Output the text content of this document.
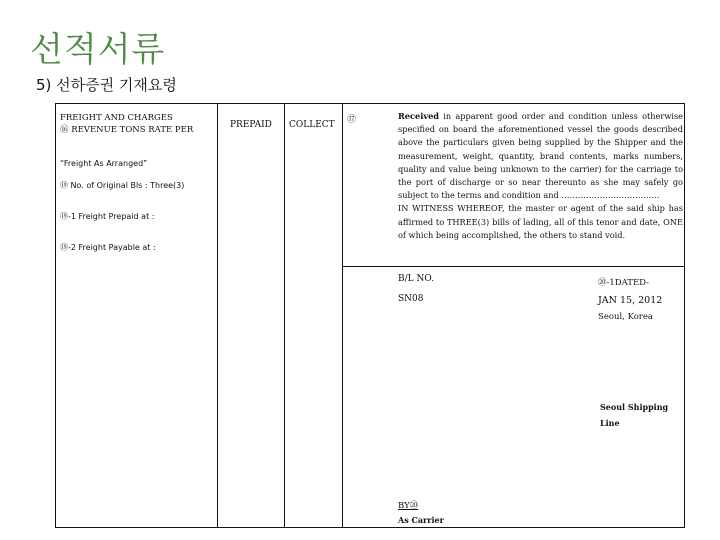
선적서류
5) 선하증권 기재요령
FREIGHT AND CHARGES
⑯ REVENUE TONS RATE PER
“Freight As Arranged”
⑲ No. of Original Bls : Three(3)
⑲-1 Freight Prepaid at :
⑲-2 Freight Payable at :
PREPAID COLLECT ⑰	Received in apparent good order and condition unless otherwise specified on board the aforementioned vessel the goods described above the particulars given being supplied by the Shipper and the measurement, weight, quantity, brand contents, marks numbers, quality and value being unknown to the carrier) for the carriage to the port of discharge or so near thereunto as she may safely go subject to the terms and condition and ………………………………
IN WITNESS WHEREOF, the master or agent of the said ship has affirmed to THREE(3) bills of lading, all of this tenor and date, ONE of which being accomplished, the others to stand void.
B/L NO.
SN08
⑳-1DATED-
JAN 15, 2012
Seoul, Korea
Seoul Shipping Line
BY⑳
As Carrier
